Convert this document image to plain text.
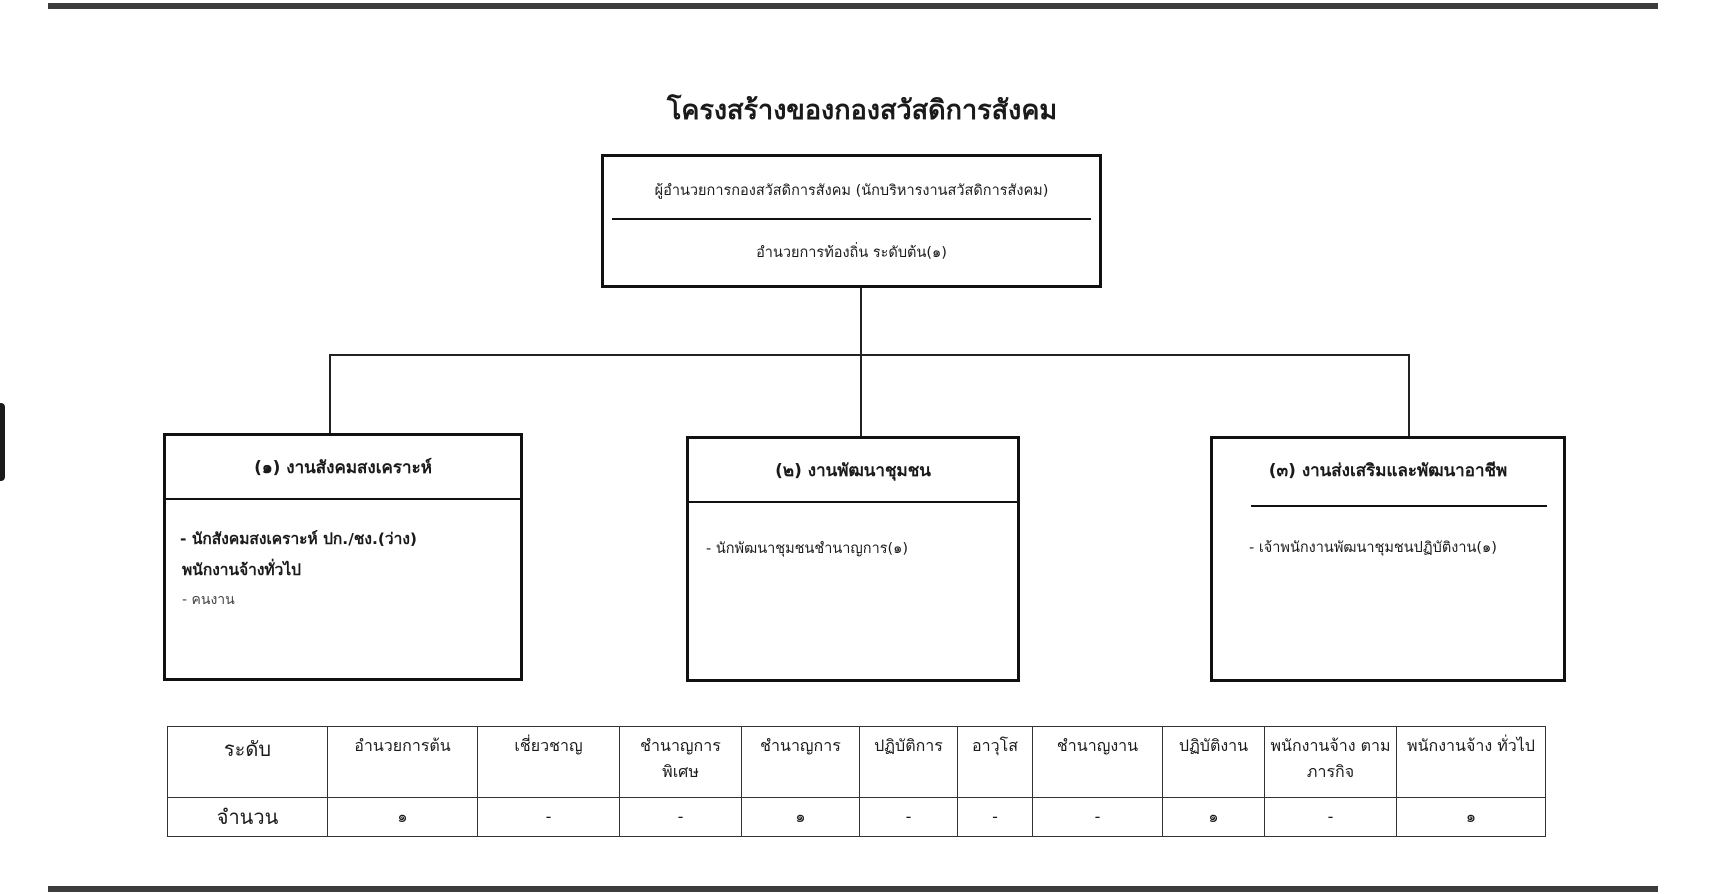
โครงสร้างของกองสวัสดิการสังคม
ผู้อำนวยการกองสวัสดิการสังคม (นักบริหารงานสวัสดิการสังคม)
อำนวยการท้องถิ่น ระดับต้น(๑)
(๑) งานสังคมสงเคราะห์
- นักสังคมสงเคราะห์ ปก./ชง.(ว่าง)
พนักงานจ้างทั่วไป
- คนงาน
(๒) งานพัฒนาชุมชน
- นักพัฒนาชุมชนชำนาญการ(๑)
(๓) งานส่งเสริมและพัฒนาอาชีพ
- เจ้าพนักงานพัฒนาชุมชนปฏิบัติงาน(๑)
ระดับ	อำนวยการต้น	เชี่ยวชาญ	ชำนาญการ พิเศษ	ชำนาญการ	ปฏิบัติการ	อาวุโส	ชำนาญงาน	ปฏิบัติงาน	พนักงานจ้าง ตามภารกิจ	พนักงานจ้าง ทั่วไป
จำนวน	๑	-	-	๑	-	-	-	๑	-	๑
